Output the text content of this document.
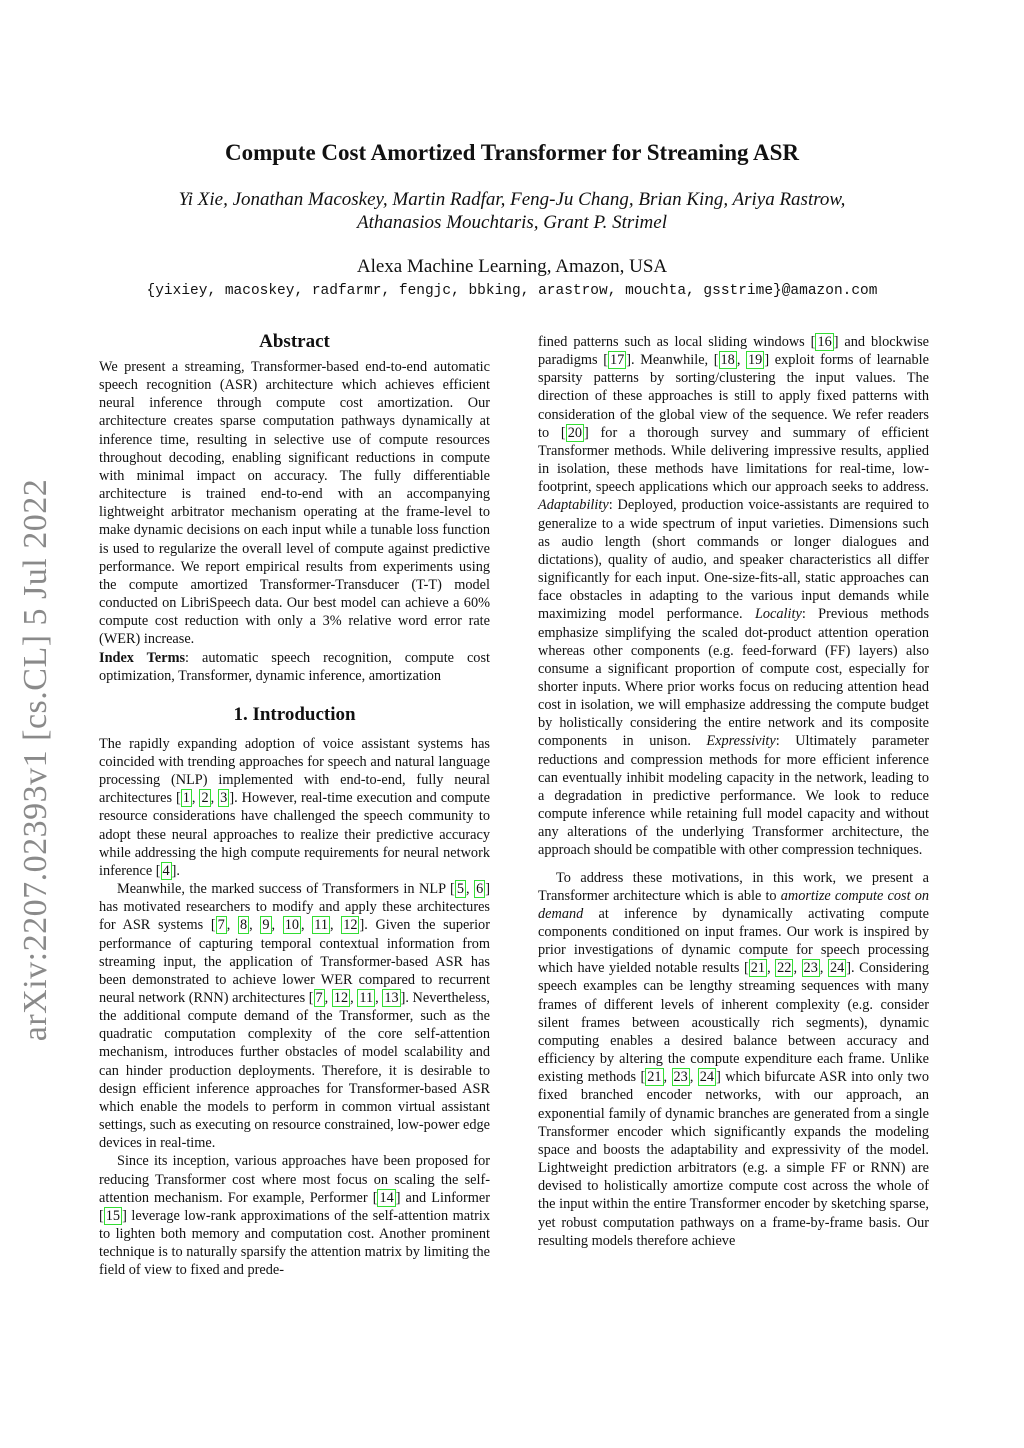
arXiv:2207.02393v1 [cs.CL] 5 Jul 2022
Compute Cost Amortized Transformer for Streaming ASR
Yi Xie, Jonathan Macoskey, Martin Radfar, Feng-Ju Chang, Brian King, Ariya Rastrow,
Athanasios Mouchtaris, Grant P. Strimel
Alexa Machine Learning, Amazon, USA
{yixiey, macoskey, radfarmr, fengjc, bbking, arastrow, mouchta, gsstrime}@amazon.com
Abstract

We present a streaming, Transformer-based end-to-end automatic speech recognition (ASR) architecture which achieves efficient neural inference through compute cost amortization. Our architecture creates sparse computation pathways dynamically at inference time, resulting in selective use of compute resources throughout decoding, enabling significant reductions in compute with minimal impact on accuracy. The fully differentiable architecture is trained end-to-end with an accompanying lightweight arbitrator mechanism operating at the frame-level to make dynamic decisions on each input while a tunable loss function is used to regularize the overall level of compute against predictive performance. We report empirical results from experiments using the compute amortized Transformer-Transducer (T-T) model conducted on LibriSpeech data. Our best model can achieve a 60% compute cost reduction with only a 3% relative word error rate (WER) increase.

Index Terms: automatic speech recognition, compute cost optimization, Transformer, dynamic inference, amortization

1. Introduction

The rapidly expanding adoption of voice assistant systems has coincided with trending approaches for speech and natural language processing (NLP) implemented with end-to-end, fully neural architectures [ 1 , 2 , 3 ]. However, real-time execution and compute resource considerations have challenged the speech community to adopt these neural approaches to realize their predictive accuracy while addressing the high compute requirements for neural network inference [ 4 ].

Meanwhile, the marked success of Transformers in NLP [ 5 , 6 ] has motivated researchers to modify and apply these architectures for ASR systems [ 7 , 8 , 9 , 10 , 11 , 12 ]. Given the superior performance of capturing temporal contextual information from streaming input, the application of Transformer-based ASR has been demonstrated to achieve lower WER compared to recurrent neural network (RNN) architectures [ 7 , 12 , 11 , 13 ]. Nevertheless, the additional compute demand of the Transformer, such as the quadratic computation complexity of the core self-attention mechanism, introduces further obstacles of model scalability and can hinder production deployments. Therefore, it is desirable to design efficient inference approaches for Transformer-based ASR which enable the models to perform in common virtual assistant settings, such as executing on resource constrained, low-power edge devices in real-time.

Since its inception, various approaches have been proposed for reducing Transformer cost where most focus on scaling the self-attention mechanism. For example, Performer [ 14 ] and Linformer [ 15 ] leverage low-rank approximations of the self-attention matrix to lighten both memory and computation cost. Another prominent technique is to naturally sparsify the attention matrix by limiting the field of view to fixed and prede-

fined patterns such as local sliding windows [ 16 ] and blockwise paradigms [ 17 ]. Meanwhile, [ 18 , 19 ] exploit forms of learnable sparsity patterns by sorting/clustering the input values. The direction of these approaches is still to apply fixed patterns with consideration of the global view of the sequence. We refer readers to [ 20 ] for a thorough survey and summary of efficient Transformer methods. While delivering impressive results, applied in isolation, these methods have limitations for real-time, low-footprint, speech applications which our approach seeks to address. Adaptability: Deployed, production voice-assistants are required to generalize to a wide spectrum of input varieties. Dimensions such as audio length (short commands or longer dialogues and dictations), quality of audio, and speaker characteristics all differ significantly for each input. One-size-fits-all, static approaches can face obstacles in adapting to the various input demands while maximizing model performance. Locality: Previous methods emphasize simplifying the scaled dot-product attention operation whereas other components (e.g. feed-forward (FF) layers) also consume a significant proportion of compute cost, especially for shorter inputs. Where prior works focus on reducing attention head cost in isolation, we will emphasize addressing the compute budget by holistically considering the entire network and its composite components in unison. Expressivity: Ultimately parameter reductions and compression methods for more efficient inference can eventually inhibit modeling capacity in the network, leading to a degradation in predictive performance. We look to reduce compute inference while retaining full model capacity and without any alterations of the underlying Transformer architecture, the approach should be compatible with other compression techniques.

To address these motivations, in this work, we present a Transformer architecture which is able to amortize compute cost on demand at inference by dynamically activating compute components conditioned on input frames. Our work is inspired by prior investigations of dynamic compute for speech processing which have yielded notable results [ 21 , 22 , 23 , 24 ]. Considering speech examples can be lengthy streaming sequences with many frames of different levels of inherent complexity (e.g. consider silent frames between acoustically rich segments), dynamic computing enables a desired balance between accuracy and efficiency by altering the compute expenditure each frame. Unlike existing methods [ 21 , 23 , 24 ] which bifurcate ASR into only two fixed branched encoder networks, with our approach, an exponential family of dynamic branches are generated from a single Transformer encoder which significantly expands the modeling space and boosts the adaptability and expressivity of the model. Lightweight prediction arbitrators (e.g. a simple FF or RNN) are devised to holistically amortize compute cost across the whole of the input within the entire Transformer encoder by sketching sparse, yet robust computation pathways on a frame-by-frame basis. Our resulting models therefore achieve
